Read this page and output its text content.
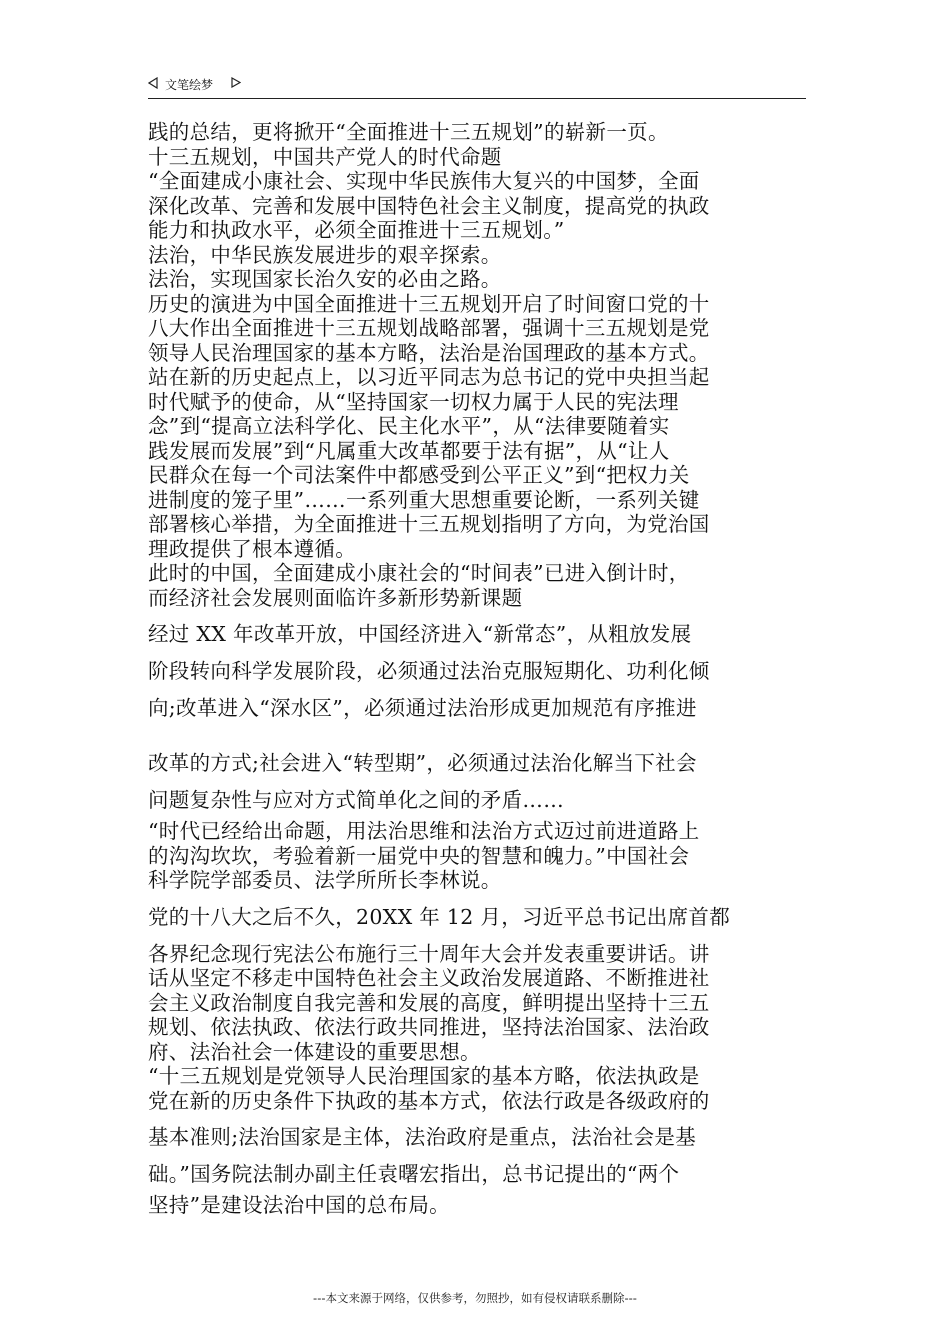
文笔绘梦
践的总结，更将掀开“全面推进十三五规划”的崭新一页。
十三五规划，中国共产党人的时代命题
“全面建成小康社会、实现中华民族伟大复兴的中国梦，全面
深化改革、完善和发展中国特色社会主义制度，提高党的执政
能力和执政水平，必须全面推进十三五规划。”
法治，中华民族发展进步的艰辛探索。
法治，实现国家长治久安的必由之路。
历史的演进为中国全面推进十三五规划开启了时间窗口党的十
八大作出全面推进十三五规划战略部署，强调十三五规划是党
领导人民治理国家的基本方略，法治是治国理政的基本方式。
站在新的历史起点上，以习近平同志为总书记的党中央担当起
时代赋予的使命，从“坚持国家一切权力属于人民的宪法理
念”到“提高立法科学化、民主化水平”，从“法律要随着实
践发展而发展”到“凡属重大改革都要于法有据”，从“让人
民群众在每一个司法案件中都感受到公平正义”到“把权力关
进制度的笼子里”……一系列重大思想重要论断，一系列关键
部署核心举措，为全面推进十三五规划指明了方向，为党治国
理政提供了根本遵循。
此时的中国，全面建成小康社会的“时间表”已进入倒计时，
而经济社会发展则面临许多新形势新课题
经过 XX 年改革开放，中国经济进入“新常态”，从粗放发展
阶段转向科学发展阶段，必须通过法治克服短期化、功利化倾
向;改革进入“深水区”，必须通过法治形成更加规范有序推进
改革的方式;社会进入“转型期”，必须通过法治化解当下社会
问题复杂性与应对方式简单化之间的矛盾……
“时代已经给出命题，用法治思维和法治方式迈过前进道路上
的沟沟坎坎，考验着新一届党中央的智慧和魄力。”中国社会
科学院学部委员、法学所所长李林说。
党的十八大之后不久，20XX 年 12 月，习近平总书记出席首都
各界纪念现行宪法公布施行三十周年大会并发表重要讲话。讲
话从坚定不移走中国特色社会主义政治发展道路、不断推进社
会主义政治制度自我完善和发展的高度，鲜明提出坚持十三五
规划、依法执政、依法行政共同推进，坚持法治国家、法治政
府、法治社会一体建设的重要思想。
“十三五规划是党领导人民治理国家的基本方略，依法执政是
党在新的历史条件下执政的基本方式，依法行政是各级政府的
基本准则;法治国家是主体，法治政府是重点，法治社会是基
础。”国务院法制办副主任袁曙宏指出，总书记提出的“两个
坚持”是建设法治中国的总布局。
---本文来源于网络，仅供参考，勿照抄，如有侵权请联系删除---
